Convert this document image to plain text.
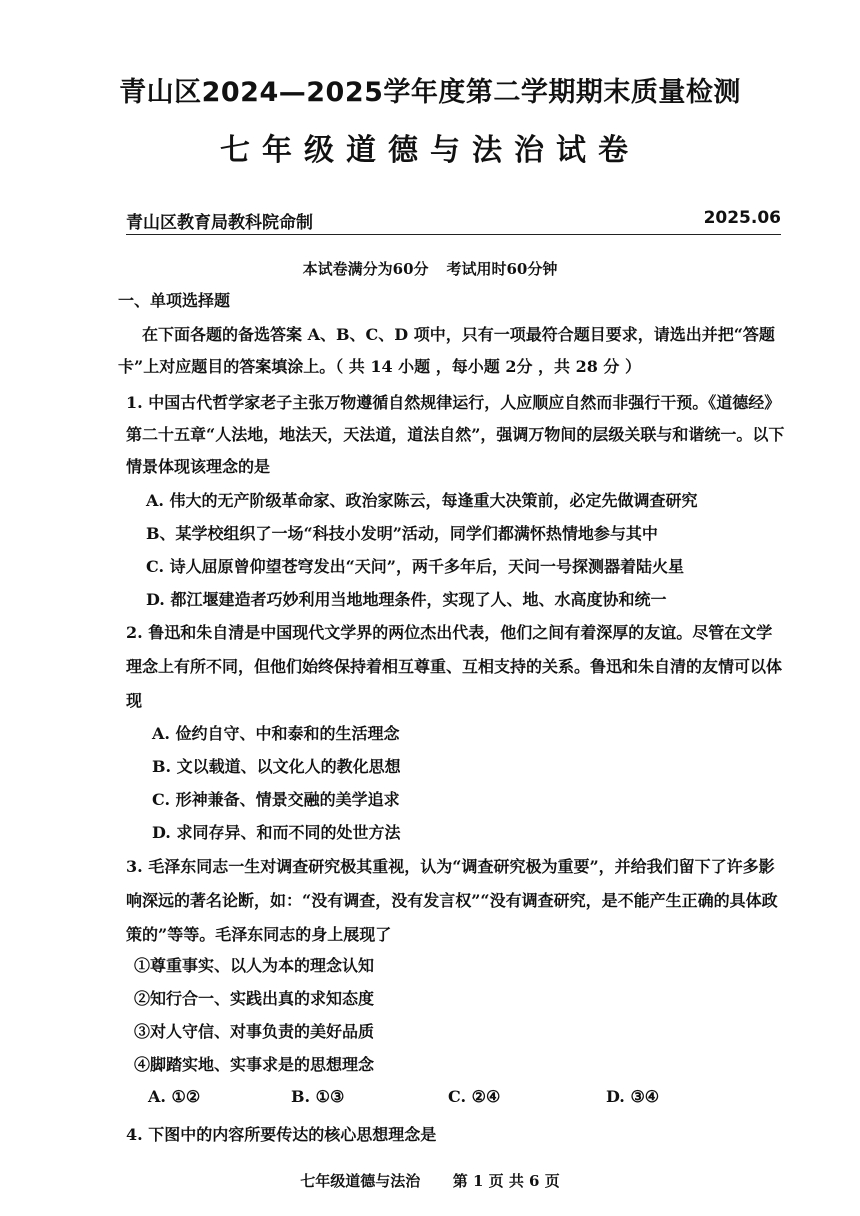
青山区2024—2025学年度第二学期期末质量检测
七年级道德与法治试卷
青山区教育局教科院命制	2025.06
本试卷满分为60分 考试用时60分钟
一、单项选择题
在下面各题的备选答案 A、B、C、D 项中，只有一项最符合题目要求，请选出并把“答题
卡”上对应题目的答案填涂上。（ 共 14 小题 ，每小题 2分 ，共 28 分 ）
1. 中国古代哲学家老子主张万物遵循自然规律运行，人应顺应自然而非强行干预。《道德经》
第二十五章“人法地，地法天，天法道，道法自然”，强调万物间的层级关联与和谐统一。以下
情景体现该理念的是
A. 伟大的无产阶级革命家、政治家陈云，每逢重大决策前，必定先做调查研究
B、某学校组织了一场“科技小发明”活动，同学们都满怀热情地参与其中
C. 诗人屈原曾仰望苍穹发出“天问”，两千多年后，天问一号探测器着陆火星
D. 都江堰建造者巧妙利用当地地理条件，实现了人、地、水高度协和统一
2. 鲁迅和朱自清是中国现代文学界的两位杰出代表，他们之间有着深厚的友谊。尽管在文学
理念上有所不同，但他们始终保持着相互尊重、互相支持的关系。鲁迅和朱自清的友情可以体
现
A. 俭约自守、中和泰和的生活理念
B. 文以载道、以文化人的教化思想
C. 形神兼备、情景交融的美学追求
D. 求同存异、和而不同的处世方法
3. 毛泽东同志一生对调查研究极其重视，认为“调查研究极为重要”，并给我们留下了许多影
响深远的著名论断，如：“没有调查，没有发言权”“没有调查研究，是不能产生正确的具体政
策的”等等。毛泽东同志的身上展现了
①尊重事实、以人为本的理念认知
②知行合一、实践出真的求知态度
③对人守信、对事负责的美好品质
④脚踏实地、实事求是的思想理念
A. ①②	B. ①③	C. ②④	D. ③④
4. 下图中的内容所要传达的核心思想理念是
七年级道德与法治 第 1 页 共 6 页
